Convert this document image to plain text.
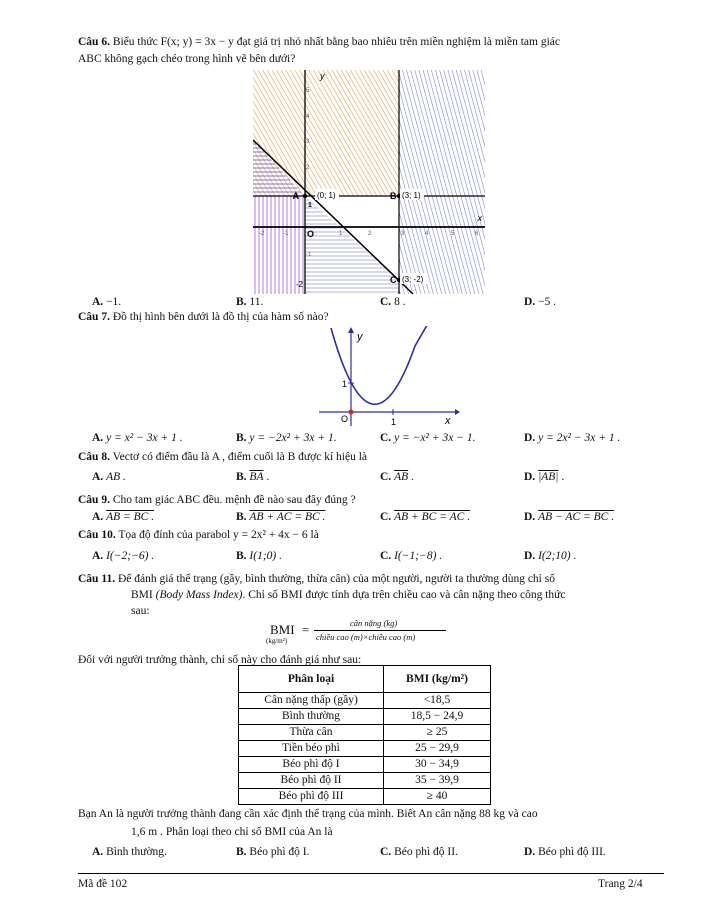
Câu 6. Biểu thức F(x; y) = 3x − y đạt giá trị nhỏ nhất bằng bao nhiêu trên miền nghiệm là miền tam giác
ABC không gạch chéo trong hình vẽ bên dưới?
y
x
A (0; 1)	B (3; 1)
C (3; -2)
O
-2	-1	1	2	3	4	5	6
5
4
3
2
1
-1
-2
A. −1.	B. 11.	C. 8 .	D. −5 .
Câu 7. Đồ thị hình bên dưới là đồ thị của hàm số nào?
y
x
O
1
1
A. y = x² − 3x + 1 .	B. y = −2x² + 3x + 1.	C. y = −x² + 3x − 1.	D. y = 2x² − 3x + 1 .
Câu 8. Vectơ có điểm đầu là A , điểm cuối là B được kí hiệu là
A. AB .	B. $\overline{BA}$ .	C. $\overline{AB}$ .	D. |AB| .
Câu 9. Cho tam giác ABC đều. mệnh đề nào sau đây đúng ?
A. AB = BC .	B. AB + AC = BC .	C. AB + BC = AC .	D. AB − AC = BC .
Câu 10. Tọa độ đỉnh của parabol y = 2x² + 4x − 6 là
A. I(−2;−6) .	B. I(1;0) .	C. I(−1;−8) .	D. I(2;10) .
Câu 11. Để đánh giá thể trạng (gầy, bình thường, thừa cân) của một người, người ta thường dùng chỉ số
BMI (Body Mass Index). Chỉ số BMI được tính dựa trên chiều cao và cân nặng theo công thức
sau:
BMI
(kg/m²)
=	cân nặng (kg)
chiều cao (m)×chiều cao (m)
Đối với người trưởng thành, chỉ số này cho đánh giá như sau:
Phân loại	BMI (kg/m²)
Cân nặng thấp (gầy)	<18,5
Bình thường	18,5 − 24,9
Thừa cân	≥ 25
Tiền béo phì	25 − 29,9
Béo phì độ I	30 − 34,9
Béo phì độ II	35 − 39,9
Béo phì độ III	≥ 40
Bạn An là người trưởng thành đang cần xác định thể trạng của mình. Biết An cân nặng 88 kg và cao
1,6 m . Phân loại theo chỉ số BMI của An là
A. Bình thường.	B. Béo phì độ I.	C. Béo phì độ II.	D. Béo phì độ III.
Mã đề 102	Trang 2/4
